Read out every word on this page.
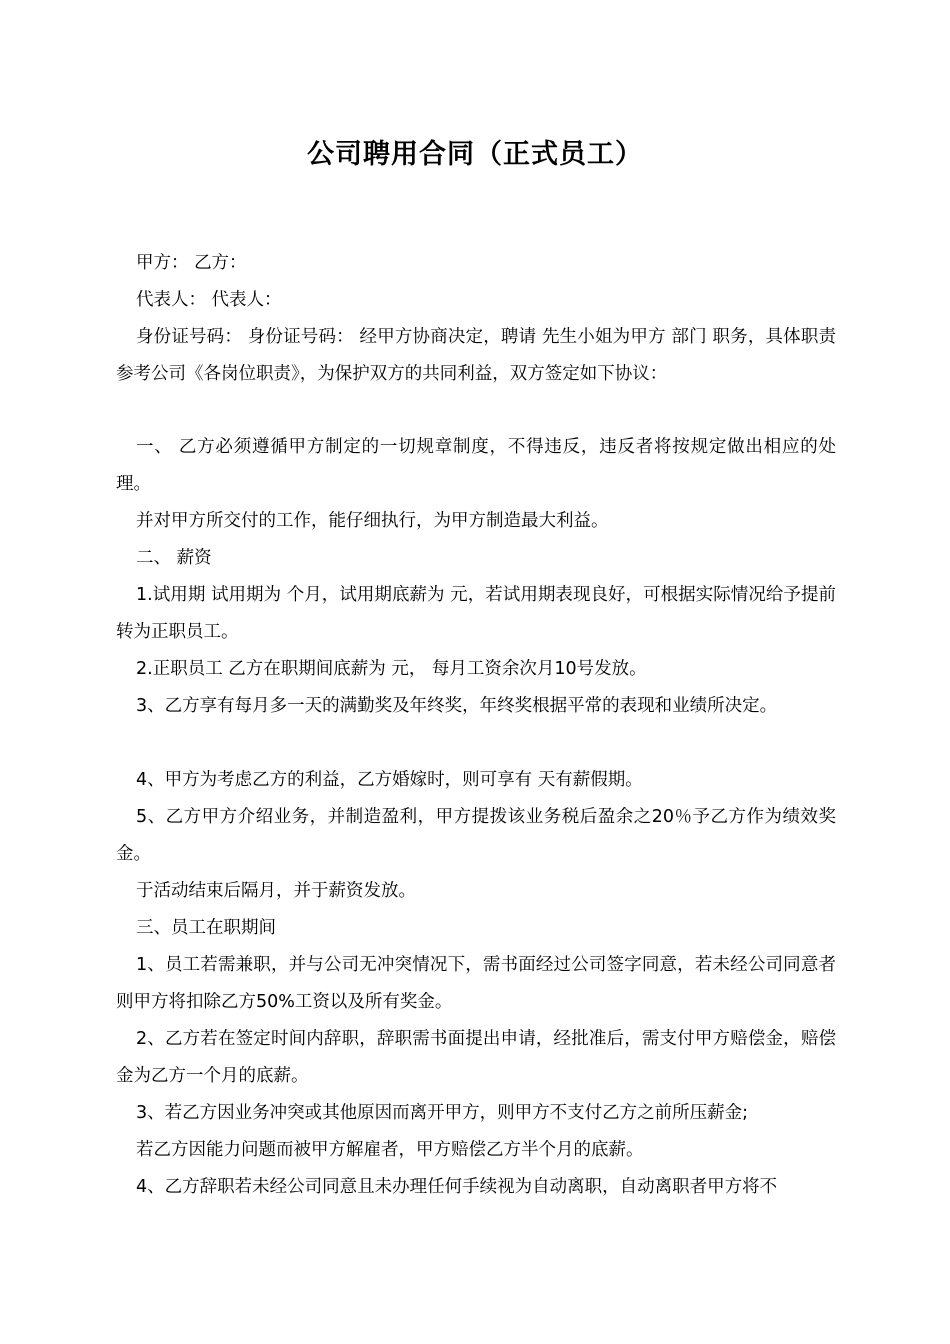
公司聘用合同（正式员工）

甲方： 乙方：

代表人： 代表人：

身份证号码： 身份证号码： 经甲方协商决定，聘请 先生小姐为甲方 部门 职务，具体职责参考公司《各岗位职责》，为保护双方的共同利益，双方签定如下协议：

一、 乙方必须遵循甲方制定的一切规章制度，不得违反，违反者将按规定做出相应的处理。

并对甲方所交付的工作，能仔细执行，为甲方制造最大利益。

二、 薪资

1.试用期 试用期为 个月，试用期底薪为 元，若试用期表现良好，可根据实际情况给予提前转为正职员工。

2.正职员工 乙方在职期间底薪为 元， 每月工资余次月10号发放。

3、乙方享有每月多一天的满勤奖及年终奖，年终奖根据平常的表现和业绩所决定。

4、甲方为考虑乙方的利益，乙方婚嫁时，则可享有 天有薪假期。

5、乙方甲方介绍业务，并制造盈利，甲方提拨该业务税后盈余之20％予乙方作为绩效奖金。

于活动结束后隔月，并于薪资发放。

三、员工在职期间

1、员工若需兼职，并与公司无冲突情况下，需书面经过公司签字同意，若未经公司同意者则甲方将扣除乙方50%工资以及所有奖金。

2、乙方若在签定时间内辞职，辞职需书面提出申请，经批准后，需支付甲方赔偿金，赔偿金为乙方一个月的底薪。

3、若乙方因业务冲突或其他原因而离开甲方，则甲方不支付乙方之前所压薪金;

若乙方因能力问题而被甲方解雇者，甲方赔偿乙方半个月的底薪。

4、乙方辞职若未经公司同意且未办理任何手续视为自动离职，自动离职者甲方将不
